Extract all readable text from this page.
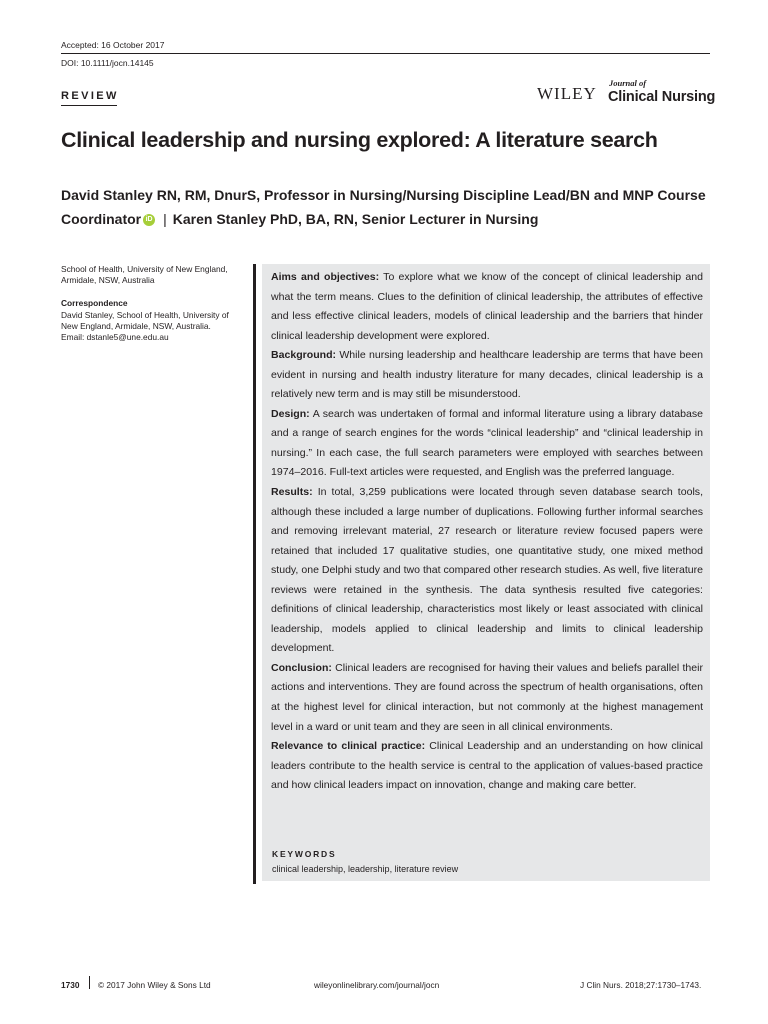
Accepted: 16 October 2017
DOI: 10.1111/jocn.14145
REVIEW	WILEY
Journal of
Clinical Nursing
Clinical leadership and nursing explored: A literature search
David Stanley RN, RM, DnurS, Professor in Nursing/Nursing Discipline Lead/BN and MNP Course Coordinator iD | Karen Stanley PhD, BA, RN, Senior Lecturer in Nursing
School of Health, University of New England, Armidale, NSW, Australia
Correspondence
David Stanley, School of Health, University of New England, Armidale, NSW, Australia.
Email: dstanle5@une.edu.au

Aims and objectives: To explore what we know of the concept of clinical leadership and what the term means. Clues to the definition of clinical leadership, the attributes of effective and less effective clinical leaders, models of clinical leadership and the barriers that hinder clinical leadership development were explored.

Background: While nursing leadership and healthcare leadership are terms that have been evident in nursing and health industry literature for many decades, clinical leadership is a relatively new term and is may still be misunderstood.

Design: A search was undertaken of formal and informal literature using a library database and a range of search engines for the words “clinical leadership” and “clinical leadership in nursing.” In each case, the full search parameters were employed with searches between 1974–2016. Full-text articles were requested, and English was the preferred language.

Results: In total, 3,259 publications were located through seven database search tools, although these included a large number of duplications. Following further informal searches and removing irrelevant material, 27 research or literature review focused papers were retained that included 17 qualitative studies, one quantitative study, one mixed method study, one Delphi study and two that compared other research studies. As well, five literature reviews were retained in the synthesis. The data synthesis resulted five categories: definitions of clinical leadership, characteristics most likely or least associated with clinical leadership, models applied to clinical leadership and limits to clinical leadership development.

Conclusion: Clinical leaders are recognised for having their values and beliefs parallel their actions and interventions. They are found across the spectrum of health organisations, often at the highest level for clinical interaction, but not commonly at the highest management level in a ward or unit team and they are seen in all clinical environments.

Relevance to clinical practice: Clinical Leadership and an understanding on how clinical leaders contribute to the health service is central to the application of values-based practice and how clinical leaders impact on innovation, change and making care better.

KEYWORDS
clinical leadership, leadership, literature review
1730 © 2017 John Wiley & Sons Ltd	wileyonlinelibrary.com/journal/jocn	J Clin Nurs. 2018;27:1730–1743.
